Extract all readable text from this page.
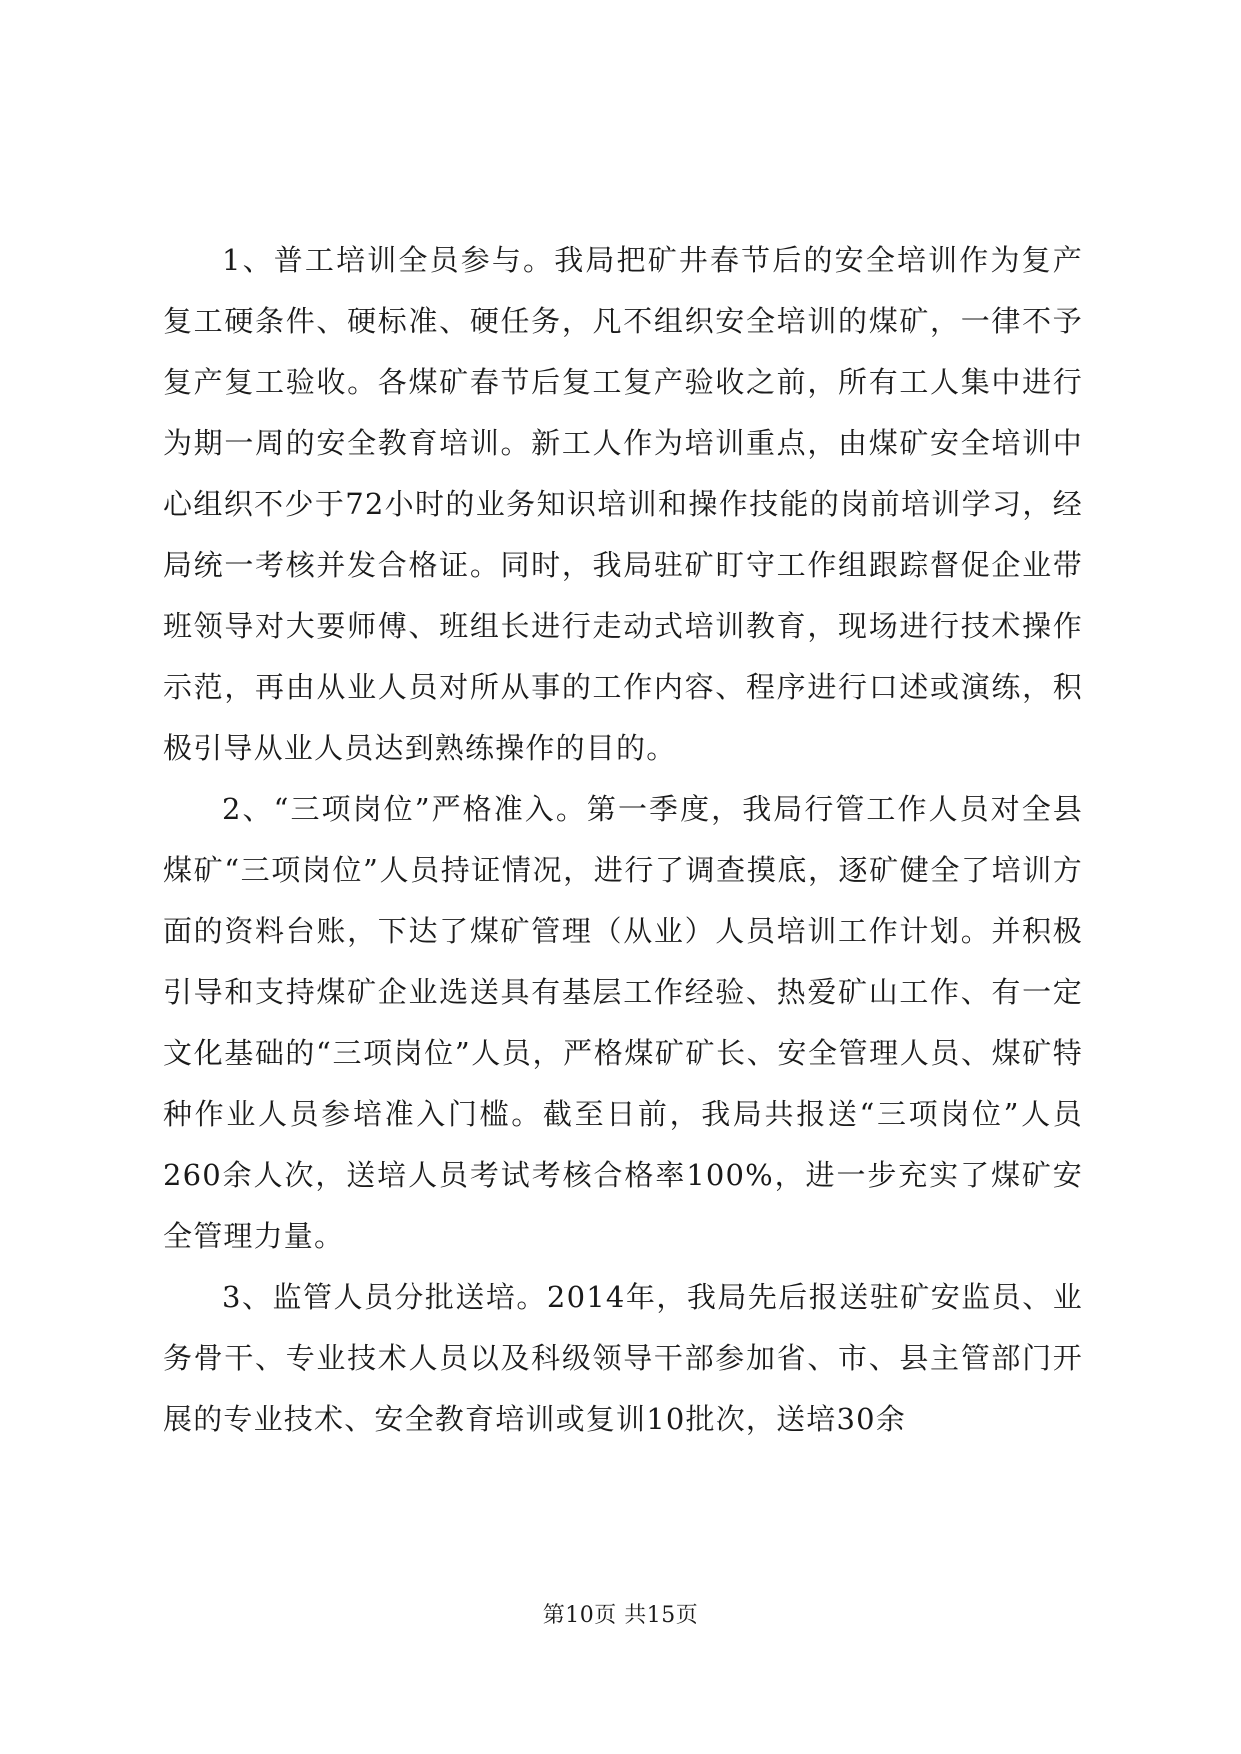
1、普工培训全员参与。我局把矿井春节后的安全培训作为复产复工硬条件、硬标准、硬任务，凡不组织安全培训的煤矿，一律不予复产复工验收。各煤矿春节后复工复产验收之前，所有工人集中进行为期一周的安全教育培训。新工人作为培训重点，由煤矿安全培训中心组织不少于72小时的业务知识培训和操作技能的岗前培训学习，经局统一考核并发合格证。同时，我局驻矿盯守工作组跟踪督促企业带班领导对大要师傅、班组长进行走动式培训教育，现场进行技术操作示范，再由从业人员对所从事的工作内容、程序进行口述或演练，积极引导从业人员达到熟练操作的目的。

2、“三项岗位”严格准入。第一季度，我局行管工作人员对全县煤矿“三项岗位”人员持证情况，进行了调查摸底，逐矿健全了培训方面的资料台账，下达了煤矿管理（从业）人员培训工作计划。并积极引导和支持煤矿企业选送具有基层工作经验、热爱矿山工作、有一定文化基础的“三项岗位”人员，严格煤矿矿长、安全管理人员、煤矿特种作业人员参培准入门槛。截至日前，我局共报送“三项岗位”人员260余人次，送培人员考试考核合格率100%，进一步充实了煤矿安全管理力量。

3、监管人员分批送培。2014年，我局先后报送驻矿安监员、业务骨干、专业技术人员以及科级领导干部参加省、市、县主管部门开展的专业技术、安全教育培训或复训10批次，送培30余

第10页 共15页
